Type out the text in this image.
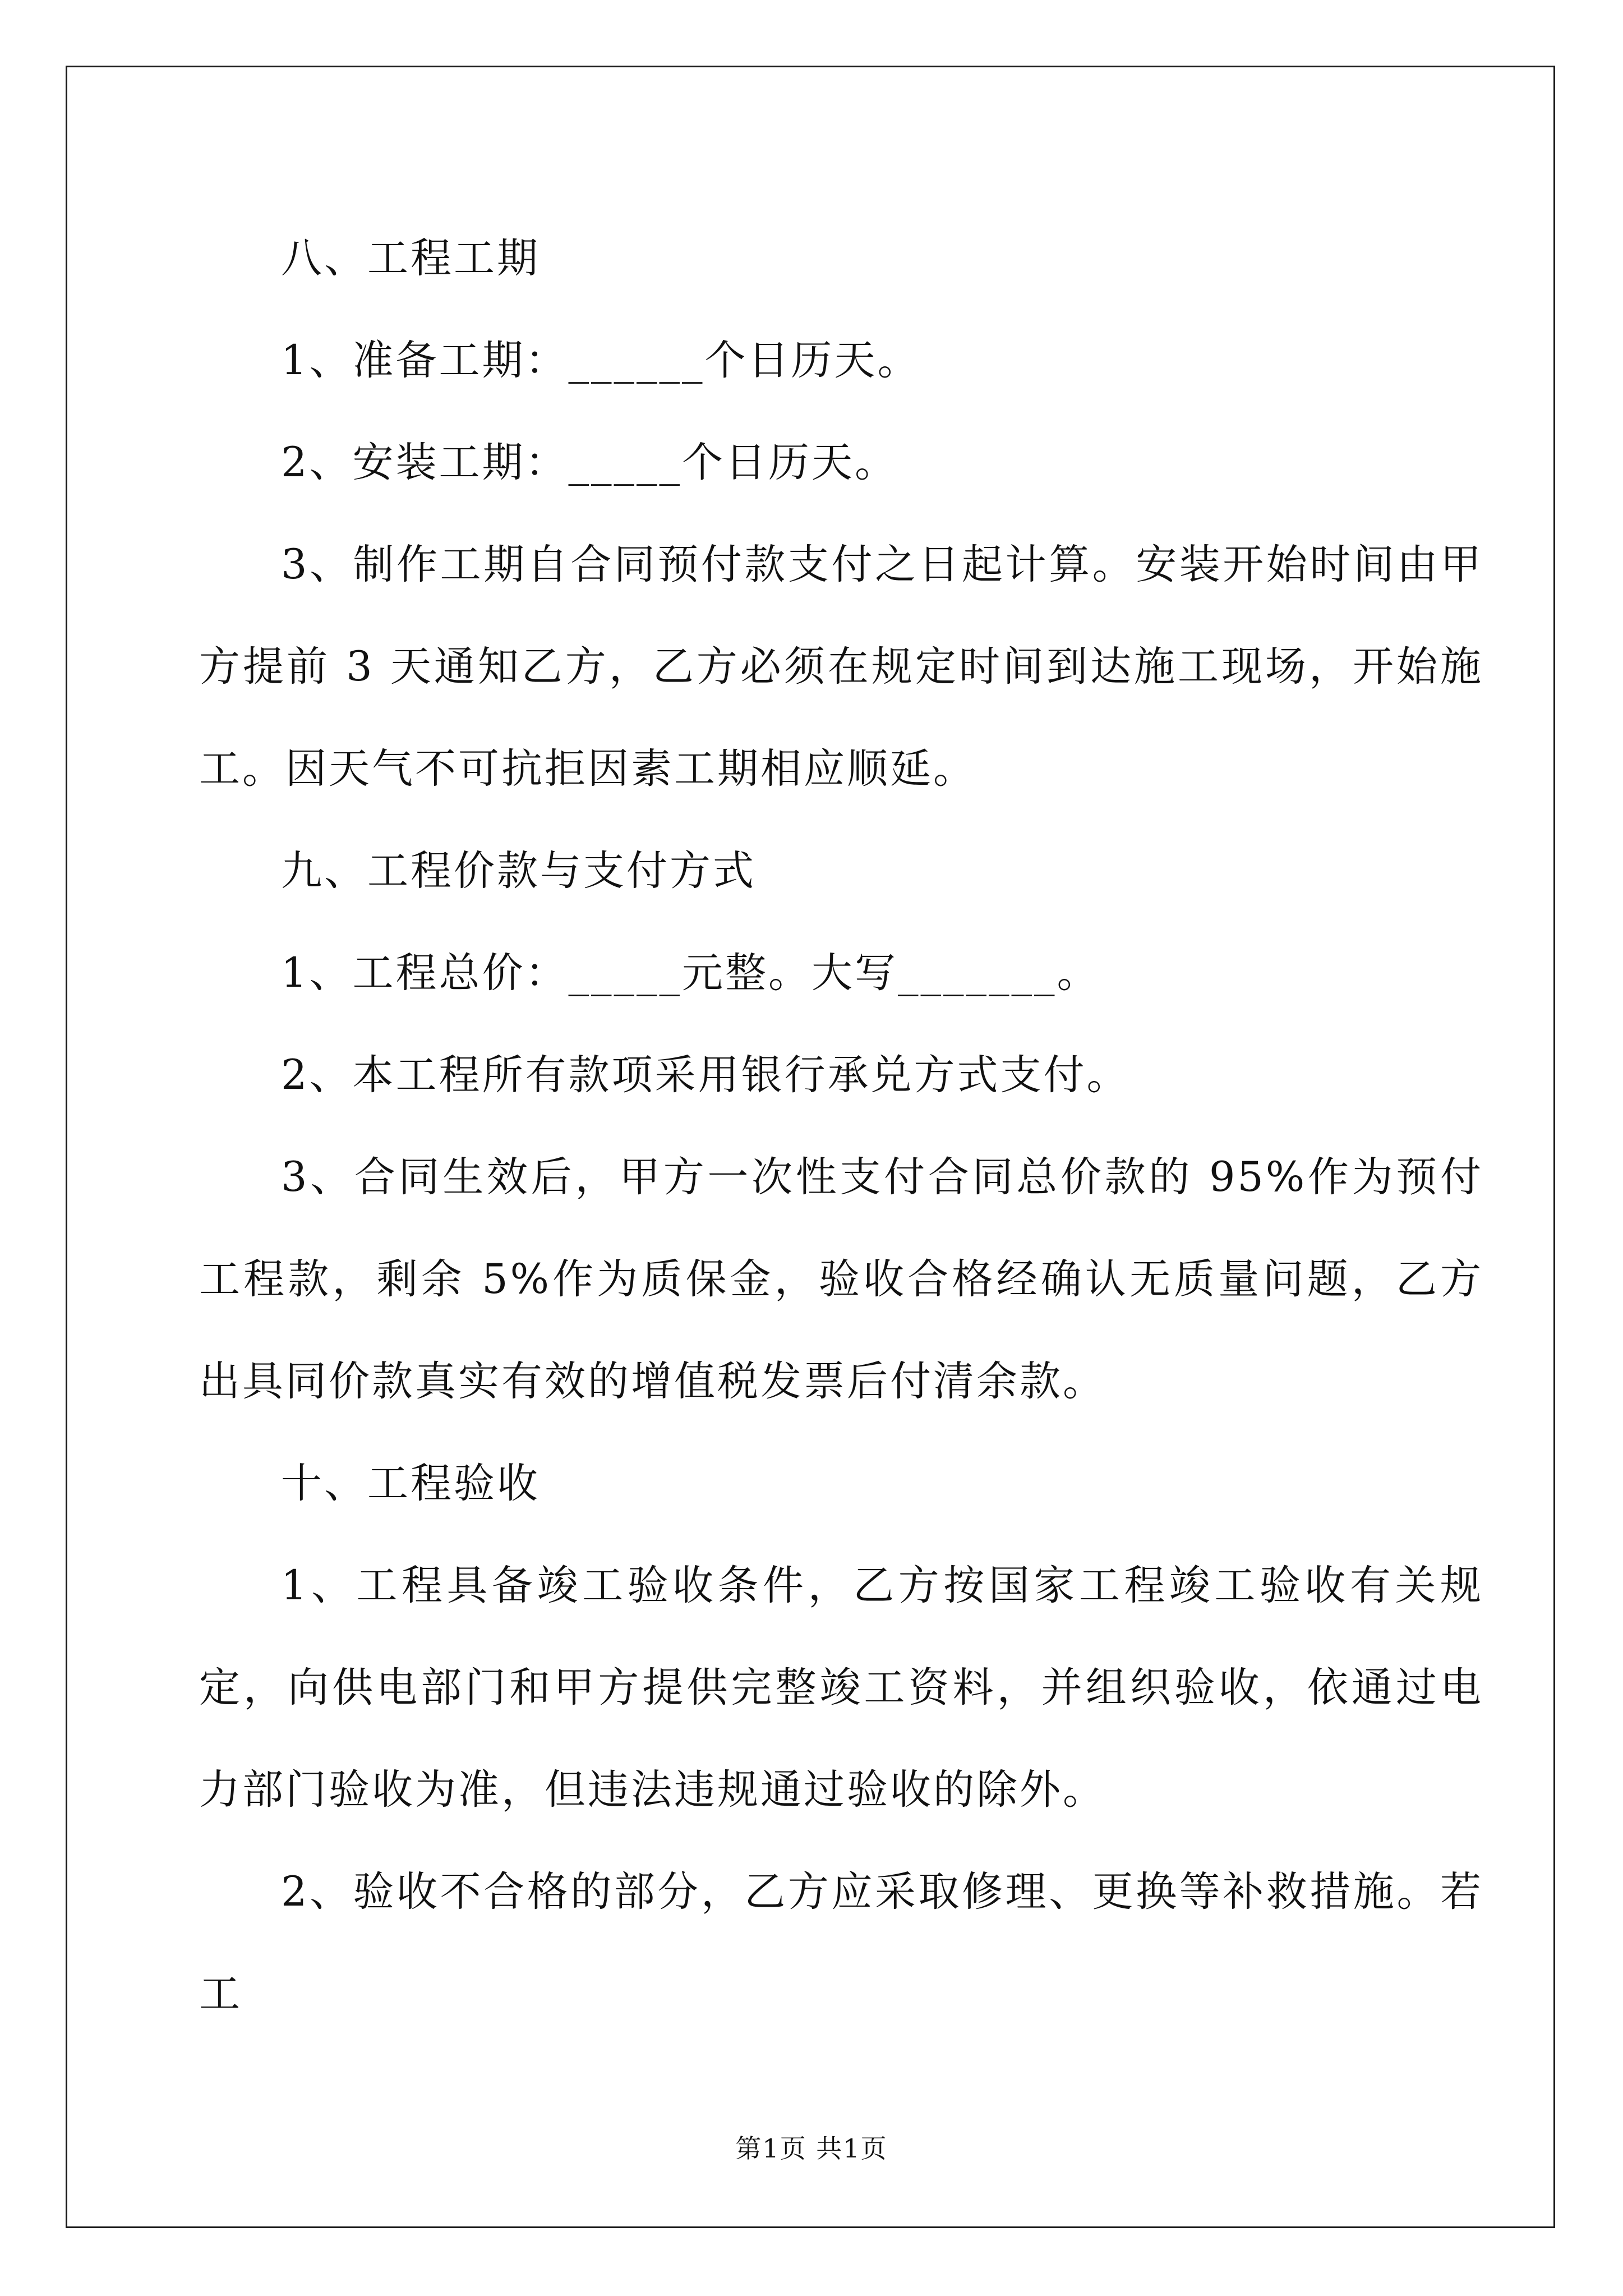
八、工程工期

1、准备工期：______个日历天。

2、安装工期：_____个日历天。

3、制作工期自合同预付款支付之日起计算。安装开始时间由甲方提前 3 天通知乙方，乙方必须在规定时间到达施工现场，开始施工。因天气不可抗拒因素工期相应顺延。

九、工程价款与支付方式

1、工程总价：_____元整。大写_______。

2、本工程所有款项采用银行承兑方式支付。

3、合同生效后，甲方一次性支付合同总价款的 95%作为预付工程款，剩余 5%作为质保金，验收合格经确认无质量问题，乙方出具同价款真实有效的增值税发票后付清余款。

十、工程验收

1、工程具备竣工验收条件，乙方按国家工程竣工验收有关规定，向供电部门和甲方提供完整竣工资料，并组织验收，依通过电力部门验收为准，但违法违规通过验收的除外。

2、验收不合格的部分，乙方应采取修理、更换等补救措施。若工

第1页 共1页
